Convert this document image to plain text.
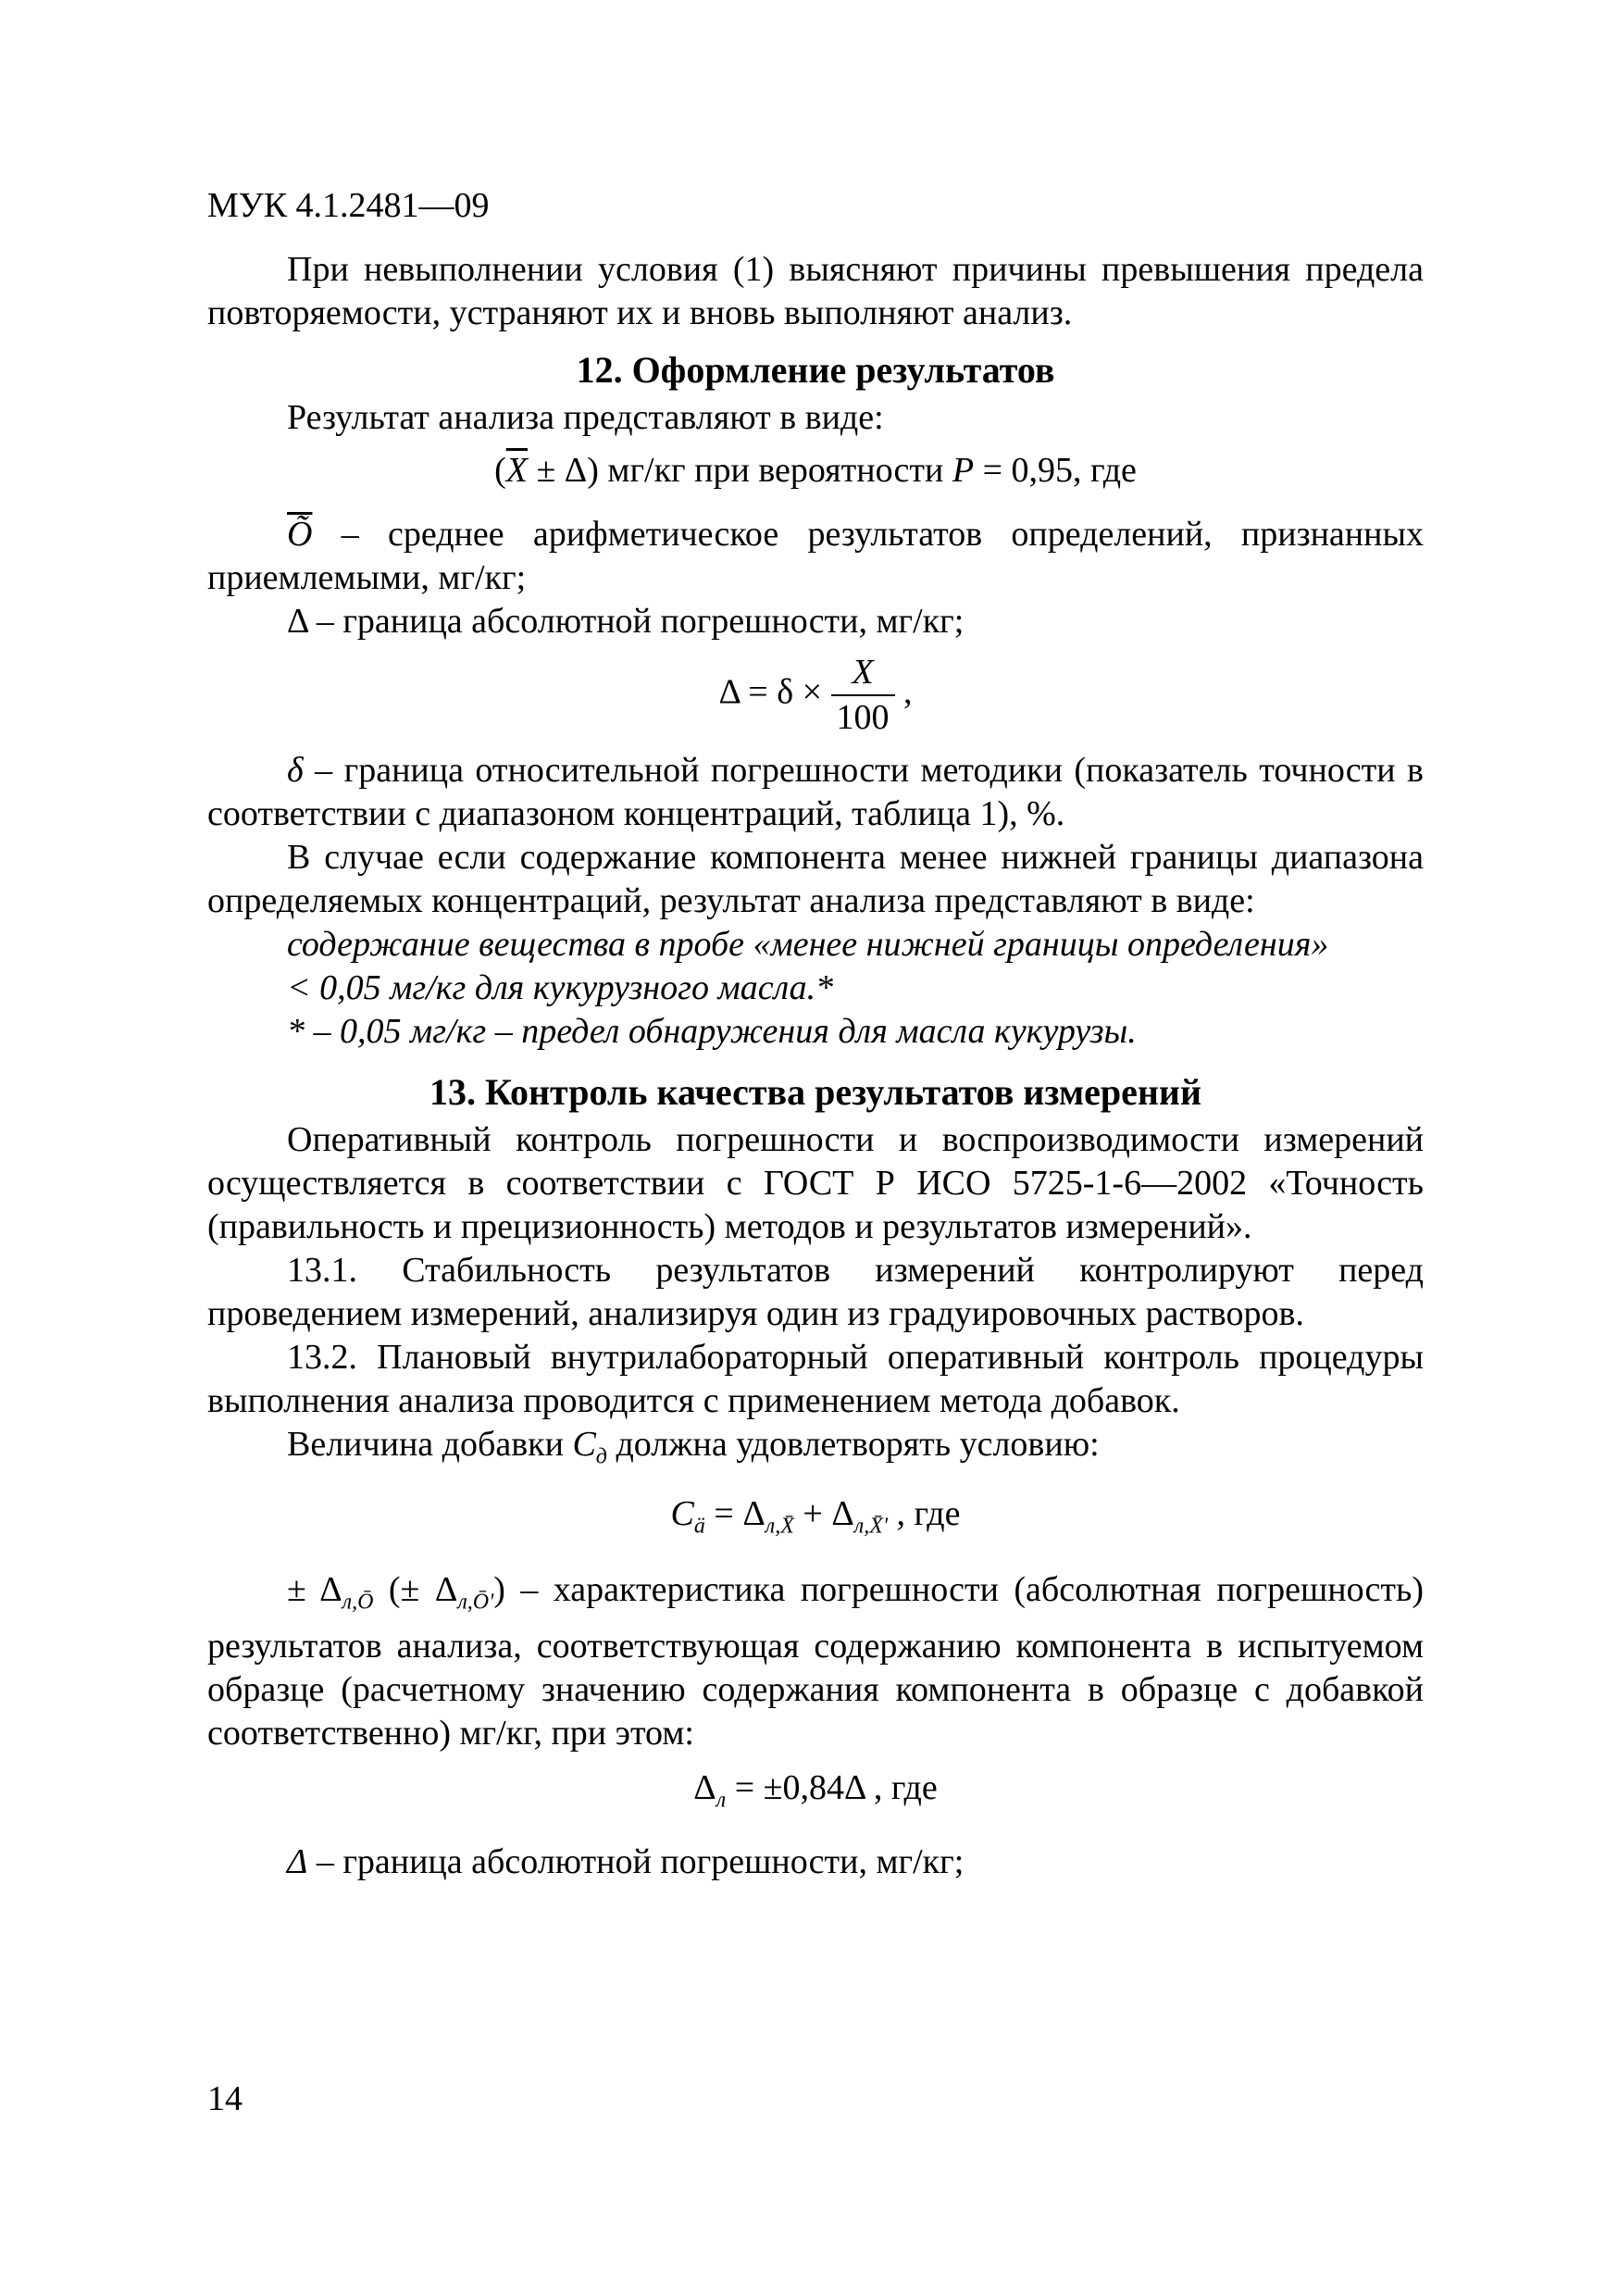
МУК 4.1.2481—09

При невыполнении условия (1) выясняют причины превышения предела повторяемости, устраняют их и вновь выполняют анализ.

12. Оформление результатов

Результат анализа представляют в виде:

$(\overline{X} \pm \Delta)$ мг/кг при вероятности P = 0,95, где

$\overline{Õ}$ – среднее арифметическое результатов определений, признанных приемлемыми, мг/кг;

Δ – граница абсолютной погрешности, мг/кг;

$\Delta = \delta \times \frac{X}{100}$ ,

δ – граница относительной погрешности методики (показатель точности в соответствии с диапазоном концентраций, таблица 1), %.

В случае если содержание компонента менее нижней границы диапазона определяемых концентраций, результат анализа представляют в виде:

содержание вещества в пробе «менее нижней границы определения»

< 0,05 мг/кг для кукурузного масла.*

* – 0,05 мг/кг – предел обнаружения для масла кукурузы.

13. Контроль качества результатов измерений

Оперативный контроль погрешности и воспроизводимости измерений осуществляется в соответствии с ГОСТ Р ИСО 5725-1-6—2002 «Точность (правильность и прецизионность) методов и результатов измерений».

13.1. Стабильность результатов измерений контролируют перед проведением измерений, анализируя один из градуировочных растворов.

13.2. Плановый внутрилабораторный оперативный контроль процедуры выполнения анализа проводится с применением метода добавок.

Величина добавки $C_д$ должна удовлетворять условию:

$C_ä = \Delta_{л,X̄} + \Delta_{л,X̄'}$ , где

± $\Delta_{л,Ō}$ (± $\Delta_{л,Ō'}$) – характеристика погрешности (абсолютная погрешность) результатов анализа, соответствующая содержанию компонента в испытуемом образце (расчетному значению содержания компонента в образце с добавкой соответственно) мг/кг, при этом:

$\Delta_л = \pm 0,84\Delta$ , где

Δ – граница абсолютной погрешности, мг/кг;

14
